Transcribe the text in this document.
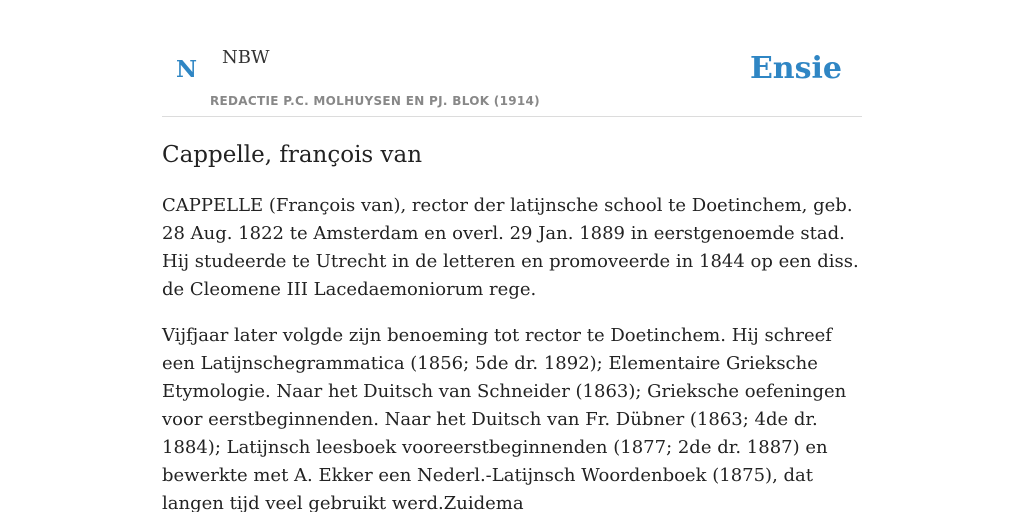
N NBW
REDACTIE P.C. MOLHUYSEN EN PJ. BLOK (1914)
Ensie
Cappelle, françois van

CAPPELLE (François van), rector der latijnsche school te Doetinchem, geb. 28 Aug. 1822 te Amsterdam en overl. 29 Jan. 1889 in eerstgenoemde stad. Hij studeerde te Utrecht in de letteren en promoveerde in 1844 op een diss. de Cleomene III Lacedaemoniorum rege.

Vijfjaar later volgde zijn benoeming tot rector te Doetinchem. Hij schreef een Latijnschegrammatica (1856; 5de dr. 1892); Elementaire Grieksche Etymologie. Naar het Duitsch van Schneider (1863); Grieksche oefeningen voor eerstbeginnenden. Naar het Duitsch van Fr. Dübner (1863; 4de dr. 1884); Latijnsch leesboek vooreerstbeginnenden (1877; 2de dr. 1887) en bewerkte met A. Ekker een Nederl.-Latijnsch Woordenboek (1875), dat langen tijd veel gebruikt werd.Zuidema
